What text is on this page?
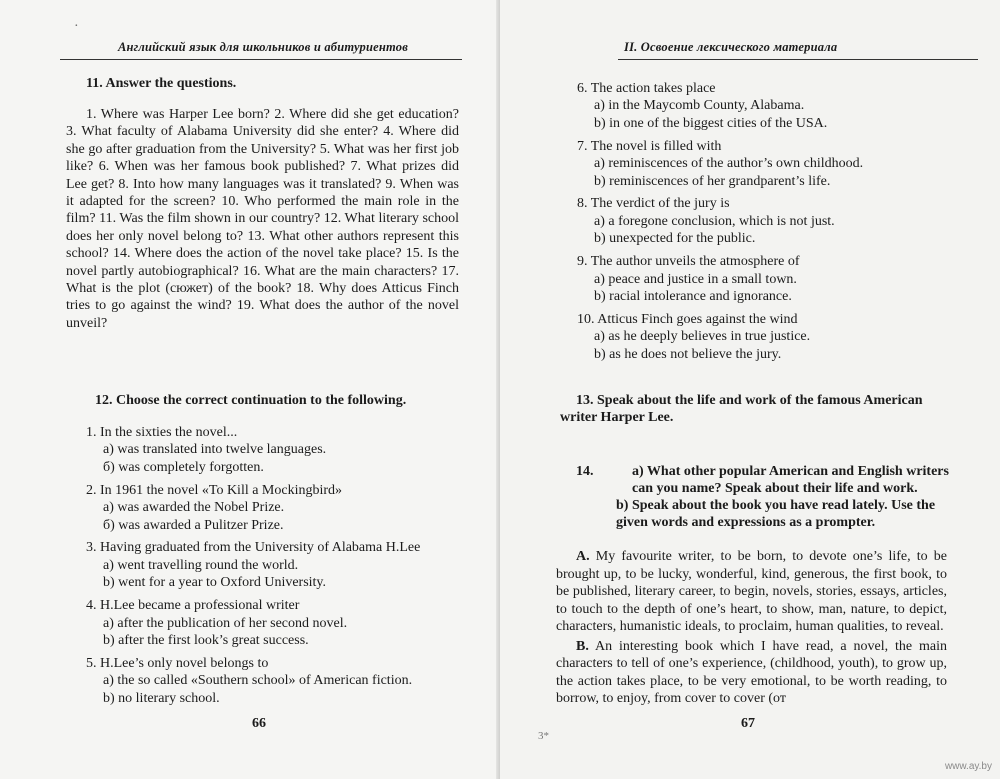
·
Английский язык для школьников и абитуриентов
11. Answer the questions.

1. Where was Harper Lee born? 2. Where did she get education? 3. What faculty of Alabama University did she enter? 4. Where did she go after graduation from the University? 5. What was her first job like? 6. When was her famous book published? 7. What prizes did Lee get? 8. Into how many languages was it translated? 9. When was it adapted for the screen? 10. Who performed the main role in the film? 11. Was the film shown in our country? 12. What literary school does her only novel belong to? 13. What other authors represent this school? 14. Where does the action of the novel take place? 15. Is the novel partly autobiographical? 16. What are the main characters? 17. What is the plot (сюжет) of the book? 18. Why does Atticus Finch tries to go against the wind? 19. What does the author of the novel unveil?

12. Choose the correct continuation to the following.
1. In the sixties the novel...
а) was translated into twelve languages.
б) was completely forgotten.
2. In 1961 the novel «To Kill a Mockingbird»
а) was awarded the Nobel Prize.
б) was awarded a Pulitzer Prize.
3. Having graduated from the University of Alabama H.Lee
а) went travelling round the world.
b) went for a year to Oxford University.
4. H.Lee became a professional writer
а) after the publication of her second novel.
b) after the first look’s great success.
5. H.Lee’s only novel belongs to
а) the so called «Southern school» of American fiction.
b) no literary school.
66
II. Освоение лексического материала
6. The action takes place
a) in the Maycomb County, Alabama.
b) in one of the biggest cities of the USA.
7. The novel is filled with
a) reminiscences of the author’s own childhood.
b) reminiscences of her grandparent’s life.
8. The verdict of the jury is
a) a foregone conclusion, which is not just.
b) unexpected for the public.
9. The author unveils the atmosphere of
a) peace and justice in a small town.
b) racial intolerance and ignorance.
10. Atticus Finch goes against the wind
a) as he deeply believes in true justice.
b) as he does not believe the jury.
13. Speak about the life and work of the famous American writer Harper Lee.
14.	a) What other popular American and English writers can you name? Speak about their life and work.
b) Speak about the book you have read lately. Use the given words and expressions as a prompter.

A. My favourite writer, to be born, to devote one’s life, to be brought up, to be lucky, wonderful, kind, generous, the first book, to be published, literary career, to begin, novels, stories, essays, articles, to touch to the depth of one’s heart, to show, man, nature, to depict, characters, humanistic ideals, to proclaim, human qualities, to reveal.

B. An interesting book which I have read, a novel, the main characters to tell of one’s experience, (childhood, youth), to grow up, the action takes place, to be very emotional, to be worth reading, to borrow, to enjoy, from cover to cover (от

3*
67
www.ay.by
